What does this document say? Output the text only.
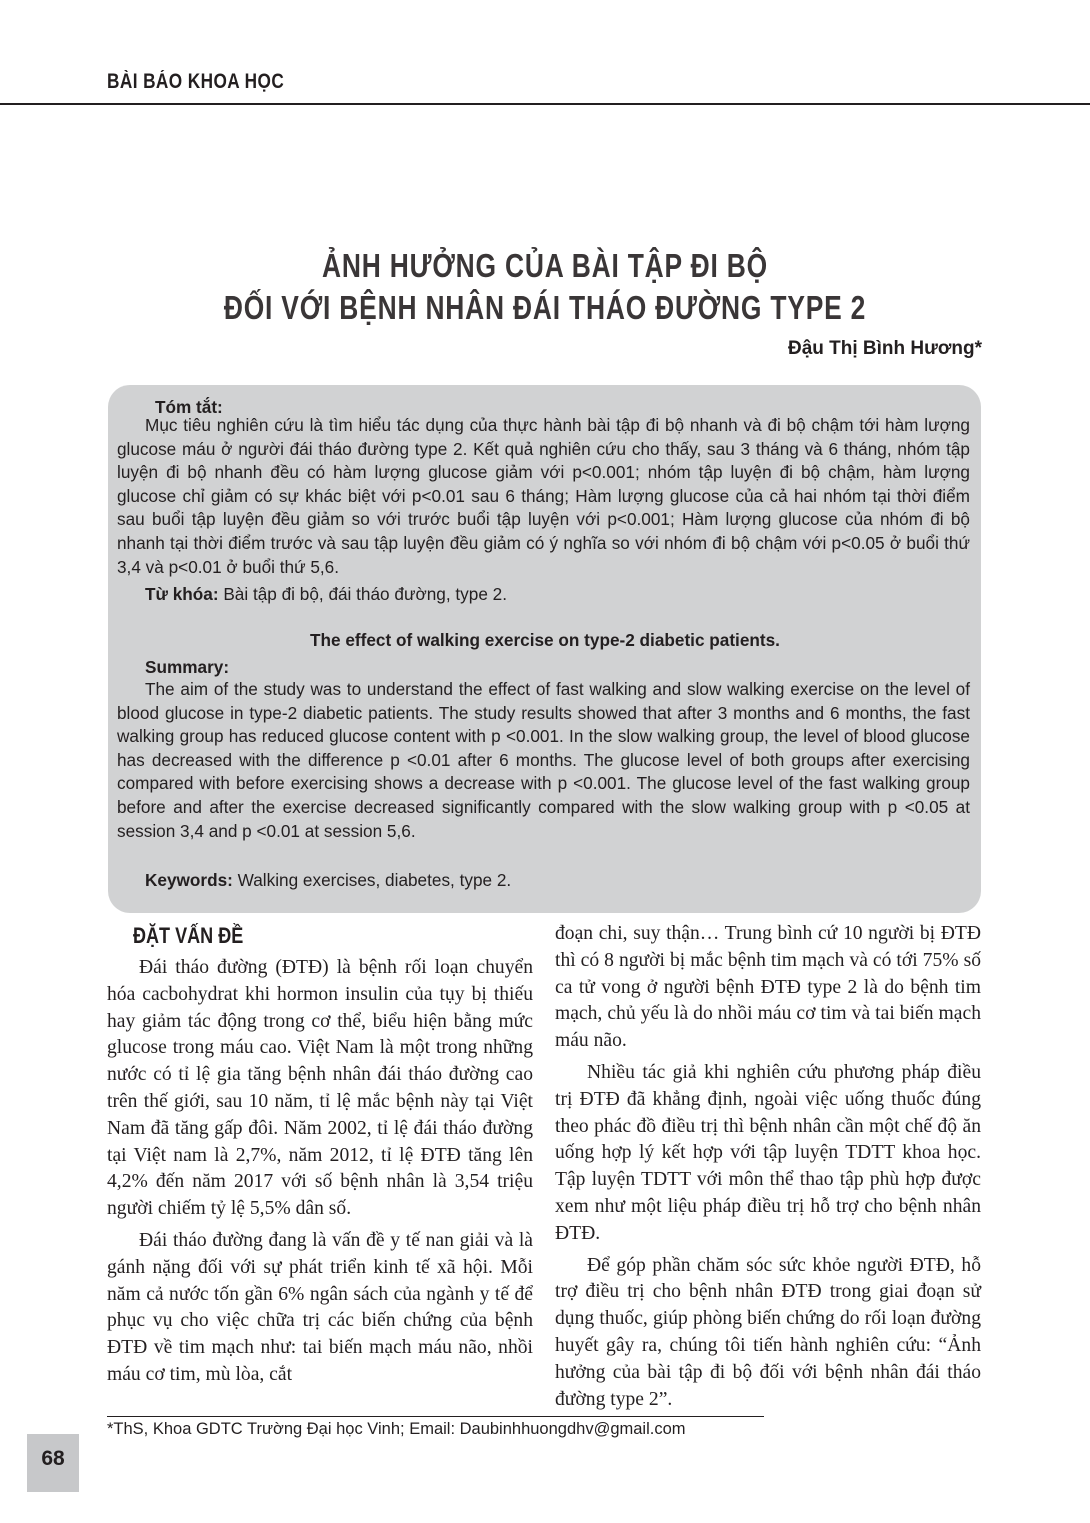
BÀI BÁO KHOA HỌC
ẢNH HƯỞNG CỦA BÀI TẬP ĐI BỘ
ĐỐI VỚI BỆNH NHÂN ĐÁI THÁO ĐƯỜNG TYPE 2
Đậu Thị Bình Hương*
Tóm tắt:
Mục tiêu nghiên cứu là tìm hiểu tác dụng của thực hành bài tập đi bộ nhanh và đi bộ chậm tới hàm lượng glucose máu ở người đái tháo đường type 2. Kết quả nghiên cứu cho thấy, sau 3 tháng và 6 tháng, nhóm tập luyện đi bộ nhanh đều có hàm lượng glucose giảm với p<0.001; nhóm tập luyện đi bộ chậm, hàm lượng glucose chỉ giảm có sự khác biệt với p<0.01 sau 6 tháng; Hàm lượng glucose của cả hai nhóm tại thời điểm sau buổi tập luyện đều giảm so với trước buổi tập luyện với p<0.001; Hàm lượng glucose của nhóm đi bộ nhanh tại thời điểm trước và sau tập luyện đều giảm có ý nghĩa so với nhóm đi bộ chậm với p<0.05 ở buổi thứ 3,4 và p<0.01 ở buổi thứ 5,6.
Từ khóa: Bài tập đi bộ, đái tháo đường, type 2.
The effect of walking exercise on type-2 diabetic patients.
Summary:
The aim of the study was to understand the effect of fast walking and slow walking exercise on the level of blood glucose in type-2 diabetic patients. The study results showed that after 3 months and 6 months, the fast walking group has reduced glucose content with p <0.001. In the slow walking group, the level of blood glucose has decreased with the difference p <0.01 after 6 months. The glucose level of both groups after exercising compared with before exercising shows a decrease with p <0.001. The glucose level of the fast walking group before and after the exercise decreased significantly compared with the slow walking group with p <0.05 at session 3,4 and p <0.01 at session 5,6.
Keywords: Walking exercises, diabetes, type 2.
ĐẶT VẤN ĐỀ

Đái tháo đường (ĐTĐ) là bệnh rối loạn chuyển hóa cacbohydrat khi hormon insulin của tụy bị thiếu hay giảm tác động trong cơ thể, biểu hiện bằng mức glucose trong máu cao. Việt Nam là một trong những nước có tỉ lệ gia tăng bệnh nhân đái tháo đường cao trên thế giới, sau 10 năm, tỉ lệ mắc bệnh này tại Việt Nam đã tăng gấp đôi. Năm 2002, tỉ lệ đái tháo đường tại Việt nam là 2,7%, năm 2012, tỉ lệ ĐTĐ tăng lên 4,2% đến năm 2017 với số bệnh nhân là 3,54 triệu người chiếm tỷ lệ 5,5% dân số.

Đái tháo đường đang là vấn đề y tế nan giải và là gánh nặng đối với sự phát triển kinh tế xã hội. Mỗi năm cả nước tốn gần 6% ngân sách của ngành y tế để phục vụ cho việc chữa trị các biến chứng của bệnh ĐTĐ về tim mạch như: tai biến mạch máu não, nhồi máu cơ tim, mù lòa, cắt

đoạn chi, suy thận… Trung bình cứ 10 người bị ĐTĐ thì có 8 người bị mắc bệnh tim mạch và có tới 75% số ca tử vong ở người bệnh ĐTĐ type 2 là do bệnh tim mạch, chủ yếu là do nhồi máu cơ tim và tai biến mạch máu não.

Nhiều tác giả khi nghiên cứu phương pháp điều trị ĐTĐ đã khẳng định, ngoài việc uống thuốc đúng theo phác đồ điều trị thì bệnh nhân cần một chế độ ăn uống hợp lý kết hợp với tập luyện TDTT khoa học. Tập luyện TDTT với môn thể thao tập phù hợp được xem như một liệu pháp điều trị hỗ trợ cho bệnh nhân ĐTĐ.

Để góp phần chăm sóc sức khỏe người ĐTĐ, hỗ trợ điều trị cho bệnh nhân ĐTĐ trong giai đoạn sử dụng thuốc, giúp phòng biến chứng do rối loạn đường huyết gây ra, chúng tôi tiến hành nghiên cứu: “Ảnh hưởng của bài tập đi bộ đối với bệnh nhân đái tháo đường type 2”.

*ThS, Khoa GDTC Trường Đại học Vinh; Email: Daubinhhuongdhv@gmail.com
68
